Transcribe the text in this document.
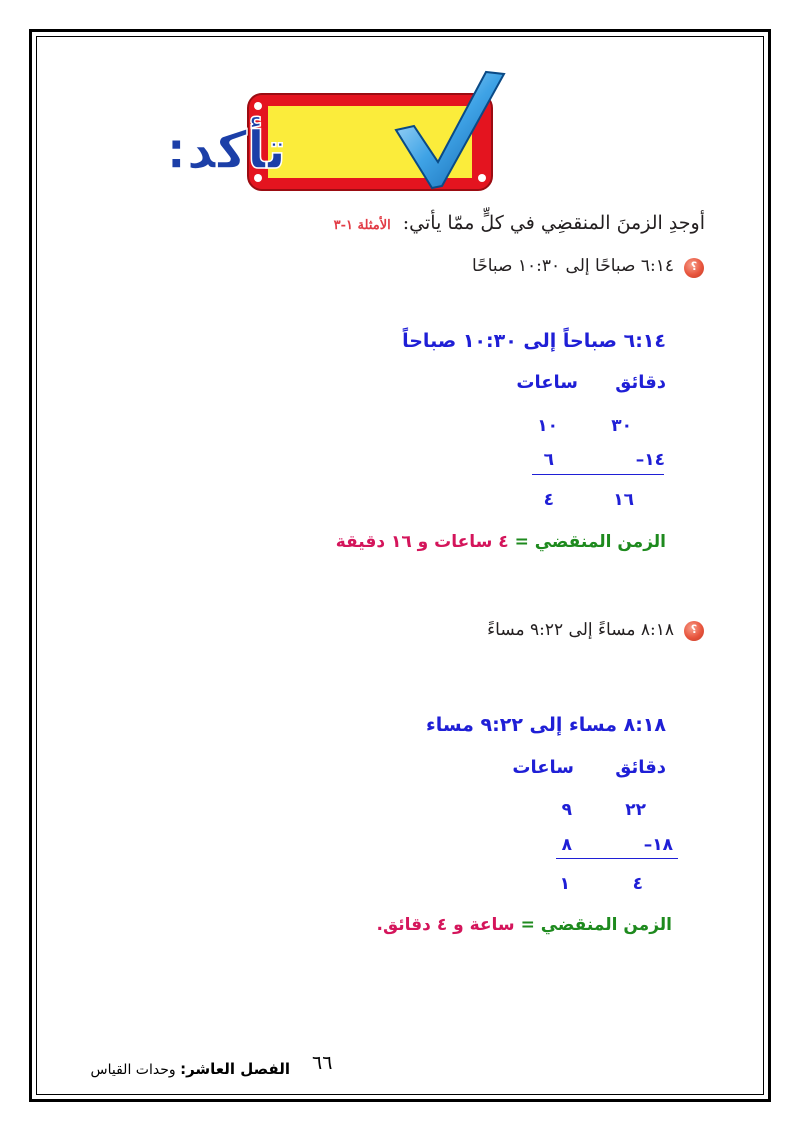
تأكد:
أوجدِ الزمنَ المنقضِي في كلٍّ ممّا يأتي: الأمثلة ١-٣
؟
٦:١٤ صباحًا إلى ١٠:٣٠ صباحًا
٦:١٤ صباحاً إلى ١٠:٣٠ صباحاً
دقائق
ساعات
٣٠
١٠
١٤–
٦
١٦
٤
الزمن المنقضي = ٤ ساعات و ١٦ دقيقة
؟
٨:١٨ مساءً إلى ٩:٢٢ مساءً
٨:١٨ مساء إلى ٩:٢٢ مساء
دقائق
ساعات
٢٢
٩
١٨–
٨
٤
١
الزمن المنقضي = ساعة و ٤ دقائق.
٦٦
الفصل العاشر: وحدات القياس
